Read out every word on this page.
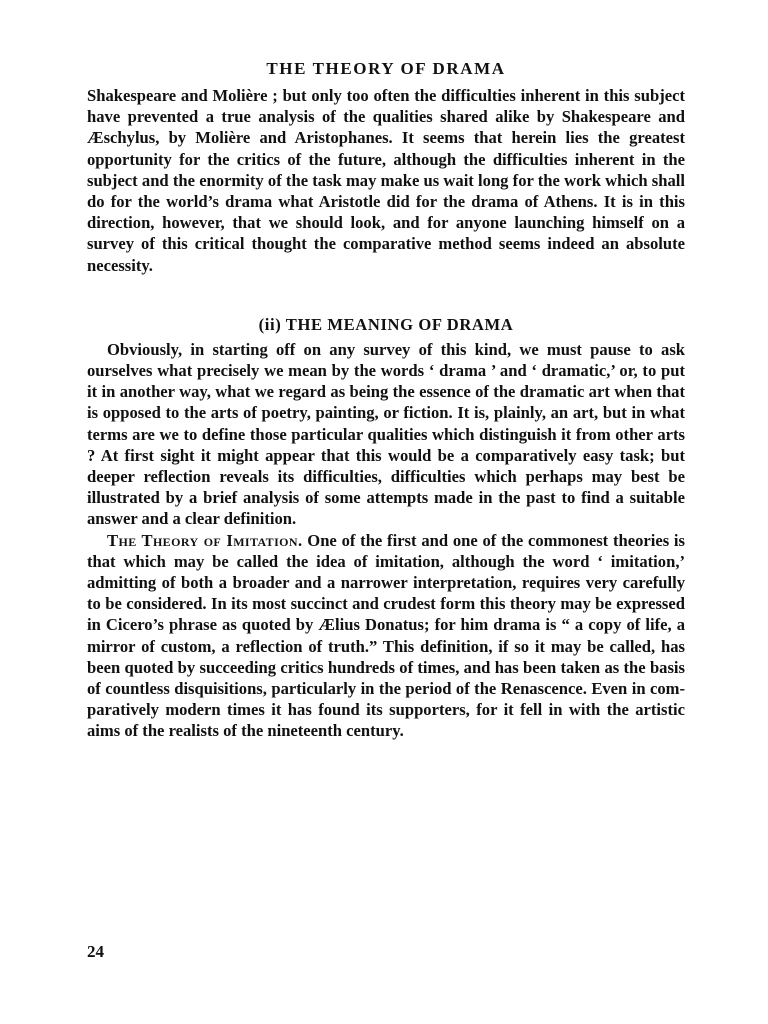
THE THEORY OF DRAMA

Shakespeare and Molière ; but only too often the difficulties inherent in this subject have prevented a true analysis of the qualities shared alike by Shakespeare and Æschylus, by Molière and Aristophanes. It seems that herein lies the greatest opportunity for the critics of the future, although the difficulties inherent in the subject and the enormity of the task may make us wait long for the work which shall do for the world’s drama what Aristotle did for the drama of Athens. It is in this direction, however, that we should look, and for anyone launching himself on a survey of this critical thought the comparative method seems indeed an absolute necessity.

(ii) THE MEANING OF DRAMA

Obviously, in starting off on any survey of this kind, we must pause to ask ourselves what precisely we mean by the words ‘ drama ’ and ‘ dramatic,’ or, to put it in another way, what we regard as being the essence of the dramatic art when that is opposed to the arts of poetry, painting, or fiction. It is, plainly, an art, but in what terms are we to define those particular qualities which distinguish it from other arts ? At first sight it might appear that this would be a comparatively easy task; but deeper reflection reveals its difficulties, difficulties which perhaps may best be illustrated by a brief analysis of some attempts made in the past to find a suitable answer and a clear definition.

The Theory of Imitation. One of the first and one of the commonest theories is that which may be called the idea of imitation, although the word ‘ imitation,’ admitting of both a broader and a narrower interpretation, requires very carefully to be considered. In its most succinct and crudest form this theory may be expressed in Cicero’s phrase as quoted by Ælius Donatus; for him drama is “ a copy of life, a mirror of custom, a reflection of truth.” This definition, if so it may be called, has been quoted by succeeding critics hundreds of times, and has been taken as the basis of countless disquisitions, particularly in the period of the Renascence. Even in comparatively modern times it has found its supporters, for it fell in with the artistic aims of the realists of the nineteenth century.

24
